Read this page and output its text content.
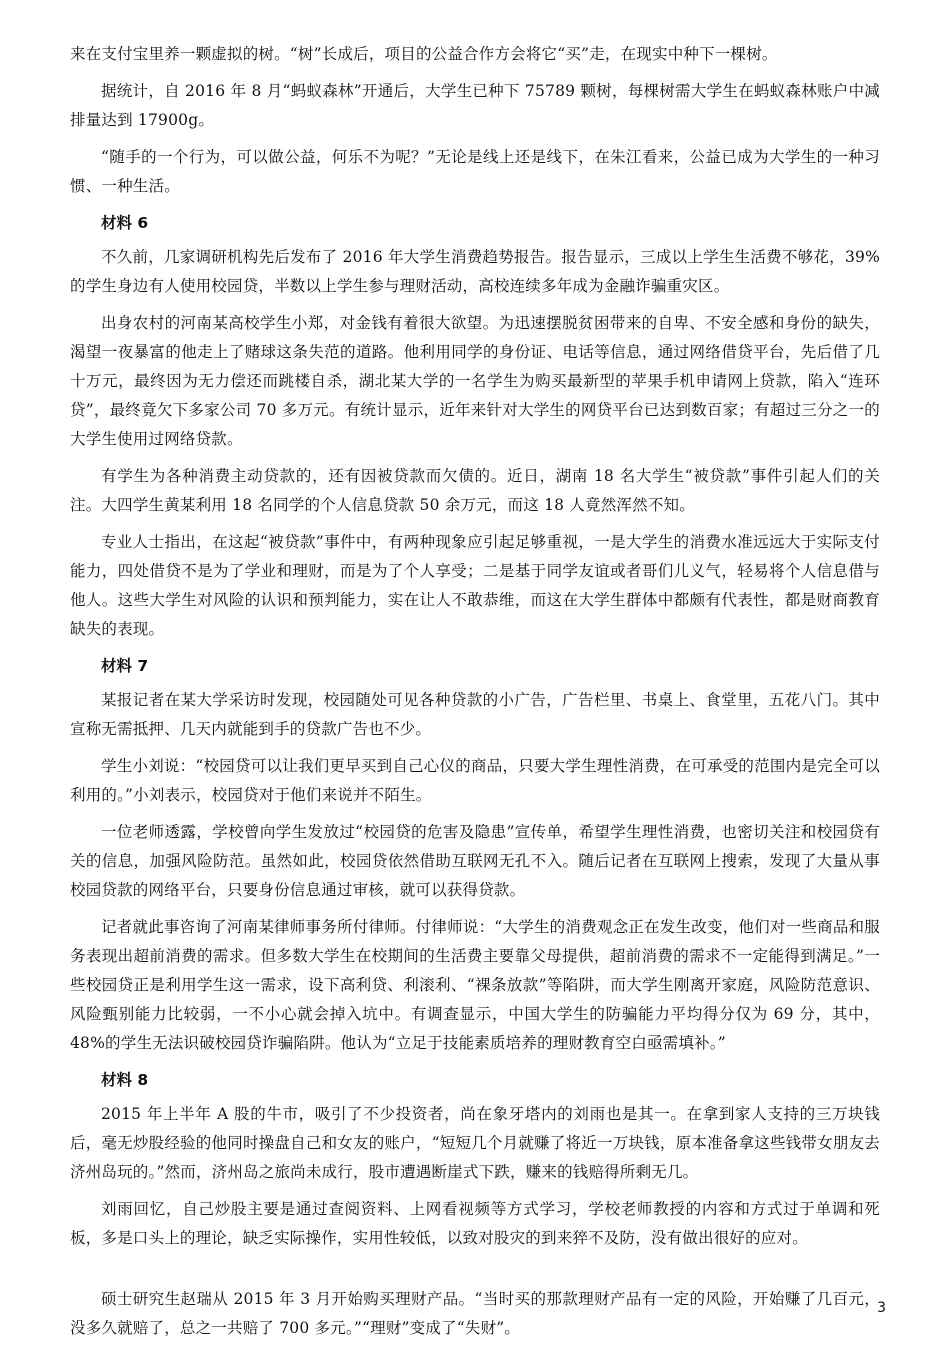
来在支付宝里养一颗虚拟的树。“树”长成后，项目的公益合作方会将它“买”走，在现实中种下一棵树。

据统计，自 2016 年 8 月“蚂蚁森林”开通后，大学生已种下 75789 颗树，每棵树需大学生在蚂蚁森林账户中减排量达到 17900g。

“随手的一个行为，可以做公益，何乐不为呢？”无论是线上还是线下，在朱江看来，公益已成为大学生的一种习惯、一种生活。

材料 6

不久前，几家调研机构先后发布了 2016 年大学生消费趋势报告。报告显示，三成以上学生生活费不够花，39%的学生身边有人使用校园贷，半数以上学生参与理财活动，高校连续多年成为金融诈骗重灾区。

出身农村的河南某高校学生小郑，对金钱有着很大欲望。为迅速摆脱贫困带来的自卑、不安全感和身份的缺失，渴望一夜暴富的他走上了赌球这条失范的道路。他利用同学的身份证、电话等信息，通过网络借贷平台，先后借了几十万元，最终因为无力偿还而跳楼自杀，湖北某大学的一名学生为购买最新型的苹果手机申请网上贷款，陷入“连环贷”，最终竟欠下多家公司 70 多万元。有统计显示，近年来针对大学生的网贷平台已达到数百家；有超过三分之一的大学生使用过网络贷款。

有学生为各种消费主动贷款的，还有因被贷款而欠债的。近日，湖南 18 名大学生“被贷款”事件引起人们的关注。大四学生黄某利用 18 名同学的个人信息贷款 50 余万元，而这 18 人竟然浑然不知。

专业人士指出，在这起“被贷款”事件中，有两种现象应引起足够重视，一是大学生的消费水准远远大于实际支付能力，四处借贷不是为了学业和理财，而是为了个人享受；二是基于同学友谊或者哥们儿义气，轻易将个人信息借与他人。这些大学生对风险的认识和预判能力，实在让人不敢恭维，而这在大学生群体中都颇有代表性，都是财商教育缺失的表现。

材料 7

某报记者在某大学采访时发现，校园随处可见各种贷款的小广告，广告栏里、书桌上、食堂里，五花八门。其中宣称无需抵押、几天内就能到手的贷款广告也不少。

学生小刘说：“校园贷可以让我们更早买到自己心仪的商品，只要大学生理性消费，在可承受的范围内是完全可以利用的。”小刘表示，校园贷对于他们来说并不陌生。

一位老师透露，学校曾向学生发放过“校园贷的危害及隐患”宣传单，希望学生理性消费，也密切关注和校园贷有关的信息，加强风险防范。虽然如此，校园贷依然借助互联网无孔不入。随后记者在互联网上搜索，发现了大量从事校园贷款的网络平台，只要身份信息通过审核，就可以获得贷款。

记者就此事咨询了河南某律师事务所付律师。付律师说：“大学生的消费观念正在发生改变，他们对一些商品和服务表现出超前消费的需求。但多数大学生在校期间的生活费主要靠父母提供，超前消费的需求不一定能得到满足。”一些校园贷正是利用学生这一需求，设下高利贷、利滚利、“裸条放款”等陷阱，而大学生刚离开家庭，风险防范意识、风险甄别能力比较弱，一不小心就会掉入坑中。有调查显示，中国大学生的防骗能力平均得分仅为 69 分，其中，48%的学生无法识破校园贷诈骗陷阱。他认为“立足于技能素质培养的理财教育空白亟需填补。”

材料 8

2015 年上半年 A 股的牛市，吸引了不少投资者，尚在象牙塔内的刘雨也是其一。在拿到家人支持的三万块钱后，毫无炒股经验的他同时操盘自己和女友的账户，“短短几个月就赚了将近一万块钱，原本准备拿这些钱带女朋友去济州岛玩的。”然而，济州岛之旅尚未成行，股市遭遇断崖式下跌，赚来的钱赔得所剩无几。

刘雨回忆，自己炒股主要是通过查阅资料、上网看视频等方式学习，学校老师教授的内容和方式过于单调和死板，多是口头上的理论，缺乏实际操作，实用性较低，以致对股灾的到来猝不及防，没有做出很好的应对。

硕士研究生赵瑞从 2015 年 3 月开始购买理财产品。“当时买的那款理财产品有一定的风险，开始赚了几百元，没多久就赔了，总之一共赔了 700 多元。”“理财”变成了“失财”。

3
